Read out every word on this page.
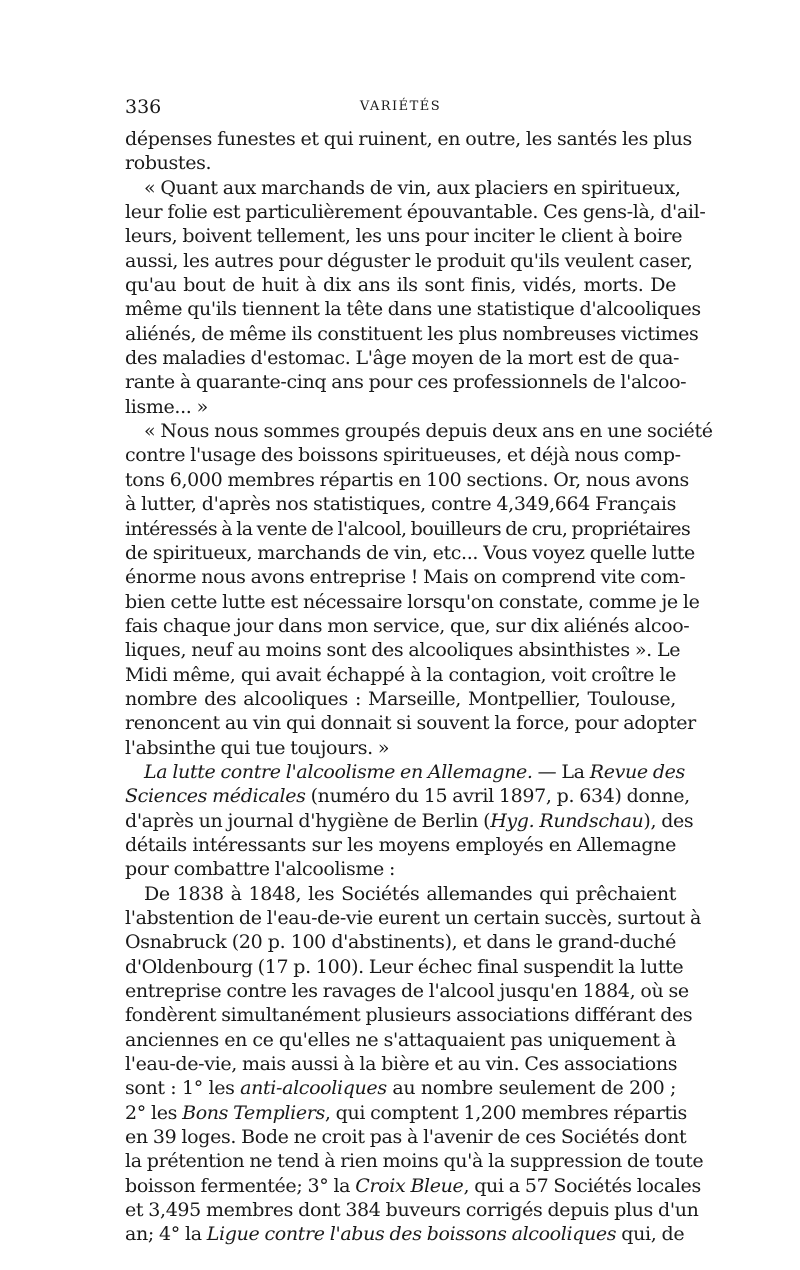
336	VARIÉTÉS
dépenses funestes et qui ruinent, en outre, les santés les plus
robustes.
« Quant aux marchands de vin, aux placiers en spiritueux,
leur folie est particulièrement épouvantable. Ces gens-là, d'ail-
leurs, boivent tellement, les uns pour inciter le client à boire
aussi, les autres pour déguster le produit qu'ils veulent caser,
qu'au bout de huit à dix ans ils sont finis, vidés, morts. De
même qu'ils tiennent la tête dans une statistique d'alcooliques
aliénés, de même ils constituent les plus nombreuses victimes
des maladies d'estomac. L'âge moyen de la mort est de qua-
rante à quarante-cinq ans pour ces professionnels de l'alcoo-
lisme... »
« Nous nous sommes groupés depuis deux ans en une société
contre l'usage des boissons spiritueuses, et déjà nous comp-
tons 6,000 membres répartis en 100 sections. Or, nous avons
à lutter, d'après nos statistiques, contre 4,349,664 Français
intéressés à la vente de l'alcool, bouilleurs de cru, propriétaires
de spiritueux, marchands de vin, etc... Vous voyez quelle lutte
énorme nous avons entreprise ! Mais on comprend vite com-
bien cette lutte est nécessaire lorsqu'on constate, comme je le
fais chaque jour dans mon service, que, sur dix aliénés alcoo-
liques, neuf au moins sont des alcooliques absinthistes ». Le
Midi même, qui avait échappé à la contagion, voit croître le
nombre des alcooliques : Marseille, Montpellier, Toulouse,
renoncent au vin qui donnait si souvent la force, pour adopter
l'absinthe qui tue toujours. »
La lutte contre l'alcoolisme en Allemagne. — La Revue des
Sciences médicales (numéro du 15 avril 1897, p. 634) donne,
d'après un journal d'hygiène de Berlin (Hyg. Rundschau), des
détails intéressants sur les moyens employés en Allemagne
pour combattre l'alcoolisme :
De 1838 à 1848, les Sociétés allemandes qui prêchaient
l'abstention de l'eau-de-vie eurent un certain succès, surtout à
Osnabruck (20 p. 100 d'abstinents), et dans le grand-duché
d'Oldenbourg (17 p. 100). Leur échec final suspendit la lutte
entreprise contre les ravages de l'alcool jusqu'en 1884, où se
fondèrent simultanément plusieurs associations différant des
anciennes en ce qu'elles ne s'attaquaient pas uniquement à
l'eau-de-vie, mais aussi à la bière et au vin. Ces associations
sont : 1° les anti-alcooliques au nombre seulement de 200 ;
2° les Bons Templiers, qui comptent 1,200 membres répartis
en 39 loges. Bode ne croit pas à l'avenir de ces Sociétés dont
la prétention ne tend à rien moins qu'à la suppression de toute
boisson fermentée; 3° la Croix Bleue, qui a 57 Sociétés locales
et 3,495 membres dont 384 buveurs corrigés depuis plus d'un
an; 4° la Ligue contre l'abus des boissons alcooliques qui, de
